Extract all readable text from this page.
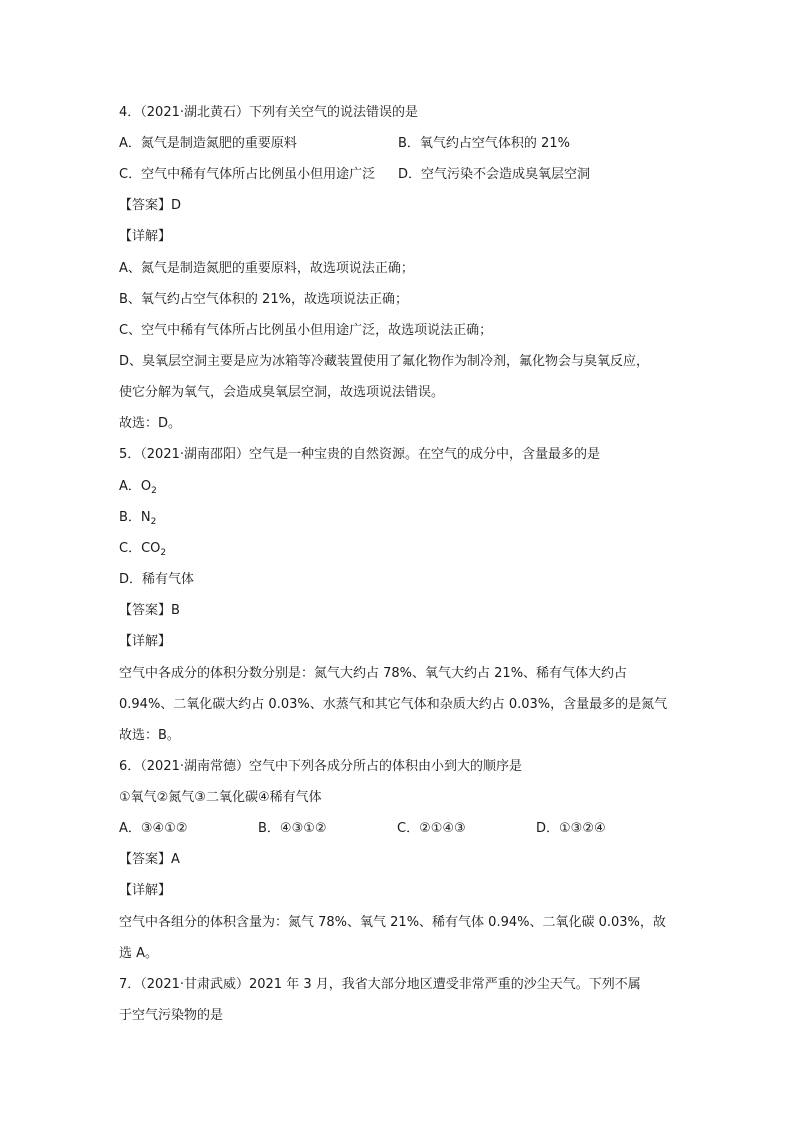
4．（2021·湖北黄石）下列有关空气的说法错误的是
A．氮气是制造氮肥的重要原料	B．氧气约占空气体积的 21%
C．空气中稀有气体所占比例虽小但用途广泛 D．空气污染不会造成臭氧层空洞
【答案】D
【详解】
A、氮气是制造氮肥的重要原料，故选项说法正确；
B、氧气约占空气体积的 21%，故选项说法正确；
C、空气中稀有气体所占比例虽小但用途广泛，故选项说法正确；
D、臭氧层空洞主要是应为冰箱等冷藏装置使用了氟化物作为制冷剂，氟化物会与臭氧反应，
使它分解为氧气，会造成臭氧层空洞，故选项说法错误。
故选：D。
5．（2021·湖南邵阳）空气是一种宝贵的自然资源。在空气的成分中，含量最多的是
A．$O_2$
B．$N_2$
C．$CO_2$
D．稀有气体
【答案】B
【详解】
空气中各成分的体积分数分别是：氮气大约占 78%、氧气大约占 21%、稀有气体大约占
0.94%、二氧化碳大约占 0.03%、水蒸气和其它气体和杂质大约占 0.03%，含量最多的是氮气
故选：B。
6．（2021·湖南常德）空气中下列各成分所占的体积由小到大的顺序是
①氧气②氮气③二氧化碳④稀有气体
A．③④①②	B．④③①②	C．②①④③	D．①③②④
【答案】A
【详解】
空气中各组分的体积含量为：氮气 78%、氧气 21%、稀有气体 0.94%、二氧化碳 0.03%，故
选 A。
7．（2021·甘肃武威）2021 年 3 月，我省大部分地区遭受非常严重的沙尘天气。下列不属
于空气污染物的是
